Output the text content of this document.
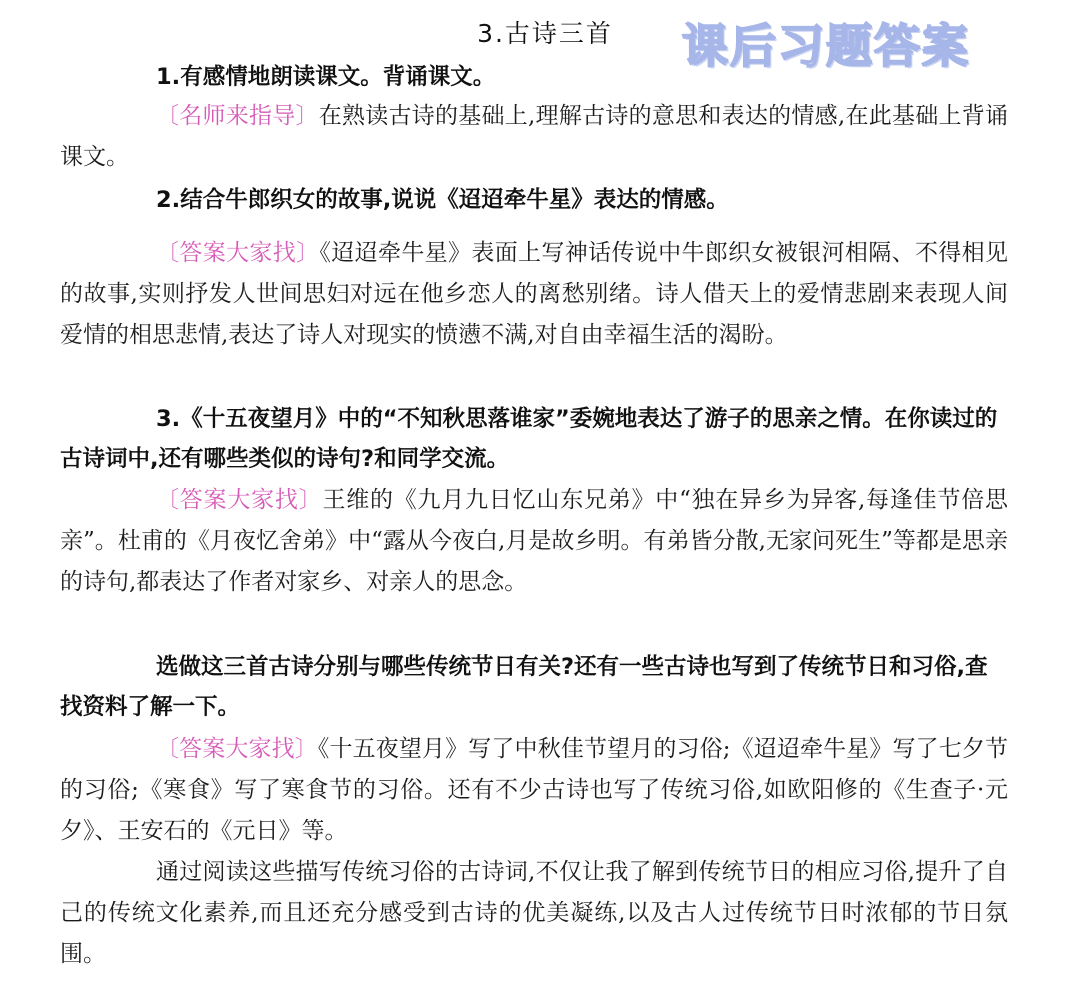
3.古诗三首	课后习题答案
1.有感情地朗读课文。背诵课文。
〔名师来指导〕在熟读古诗的基础上,理解古诗的意思和表达的情感,在此基础上背诵课文。
2.结合牛郎织女的故事,说说《迢迢牵牛星》表达的情感。
〔答案大家找〕《迢迢牵牛星》表面上写神话传说中牛郎织女被银河相隔、不得相见的故事,实则抒发人世间思妇对远在他乡恋人的离愁别绪。诗人借天上的爱情悲剧来表现人间爱情的相思悲情,表达了诗人对现实的愤懑不满,对自由幸福生活的渴盼。
3.《十五夜望月》中的“不知秋思落谁家”委婉地表达了游子的思亲之情。在你读过的古诗词中,还有哪些类似的诗句?和同学交流。
〔答案大家找〕王维的《九月九日忆山东兄弟》中“独在异乡为异客,每逢佳节倍思亲”。杜甫的《月夜忆舍弟》中“露从今夜白,月是故乡明。有弟皆分散,无家问死生”等都是思亲的诗句,都表达了作者对家乡、对亲人的思念。
选做这三首古诗分别与哪些传统节日有关?还有一些古诗也写到了传统节日和习俗,查找资料了解一下。
〔答案大家找〕《十五夜望月》写了中秋佳节望月的习俗;《迢迢牵牛星》写了七夕节的习俗;《寒食》写了寒食节的习俗。还有不少古诗也写了传统习俗,如欧阳修的《生查子·元夕》、王安石的《元日》等。
通过阅读这些描写传统习俗的古诗词,不仅让我了解到传统节日的相应习俗,提升了自己的传统文化素养,而且还充分感受到古诗的优美凝练,以及古人过传统节日时浓郁的节日氛围。
